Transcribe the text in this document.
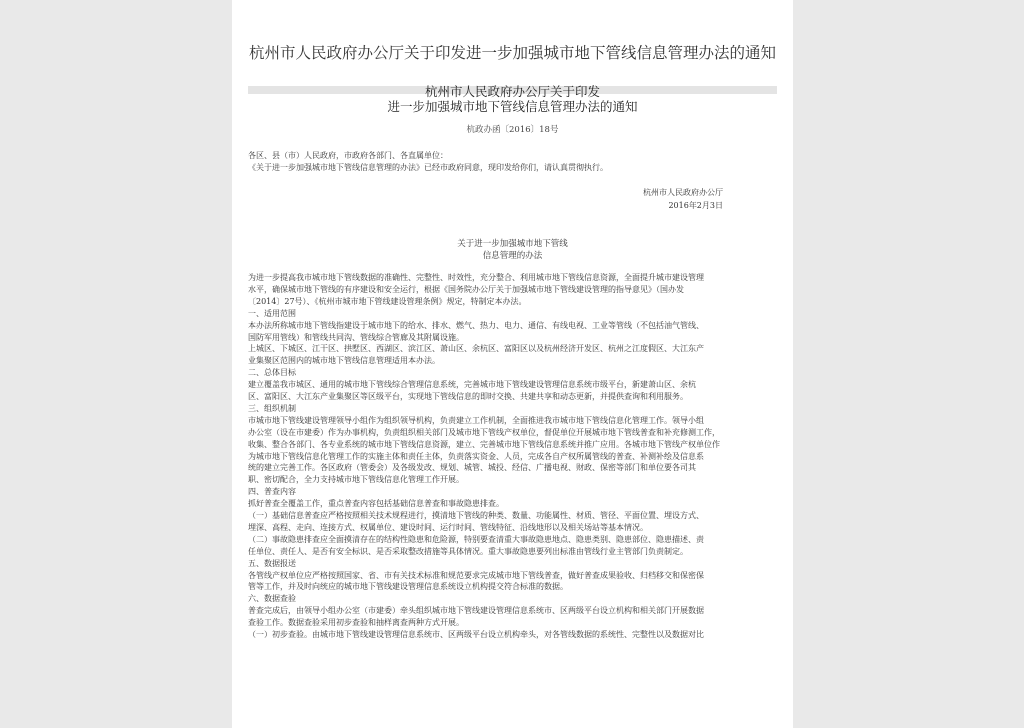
杭州市人民政府办公厅关于印发进一步加强城市地下管线信息管理办法的通知
杭州市人民政府办公厅关于印发
进一步加强城市地下管线信息管理办法的通知
杭政办函〔2016〕18号
各区、县（市）人民政府，市政府各部门、各直属单位：
《关于进一步加强城市地下管线信息管理的办法》已经市政府同意，现印发给你们，请认真贯彻执行。
杭州市人民政府办公厅
2016年2月3日
关于进一步加强城市地下管线
信息管理的办法
为进一步提高我市城市地下管线数据的准确性、完整性、时效性，充分整合、利用城市地下管线信息资源，全面提升城市建设管理
水平，确保城市地下管线的有序建设和安全运行，根据《国务院办公厅关于加强城市地下管线建设管理的指导意见》（国办发
〔2014〕27号）、《杭州市城市地下管线建设管理条例》规定，特制定本办法。
一、适用范围
本办法所称城市地下管线指建设于城市地下的给水、排水、燃气、热力、电力、通信、有线电视、工业等管线（不包括油气管线、
国防军用管线）和管线共同沟、管线综合管廊及其附属设施。
上城区、下城区、江干区、拱墅区、西湖区、滨江区、萧山区、余杭区、富阳区以及杭州经济开发区、杭州之江度假区、大江东产
业集聚区范围内的城市地下管线信息管理适用本办法。
二、总体目标
建立覆盖我市城区、通用的城市地下管线综合管理信息系统，完善城市地下管线建设管理信息系统市级平台，新建萧山区、余杭
区、富阳区、大江东产业集聚区等区级平台，实现地下管线信息的即时交换、共建共享和动态更新，并提供查询和利用服务。
三、组织机制
市城市地下管线建设管理领导小组作为组织领导机构，负责建立工作机制，全面推进我市城市地下管线信息化管理工作。领导小组
办公室（设在市建委）作为办事机构，负责组织相关部门及城市地下管线产权单位，督促单位开展城市地下管线普查和补充修测工作，
收集、整合各部门、各专业系统的城市地下管线信息资源，建立、完善城市地下管线信息系统并推广应用。各城市地下管线产权单位作
为城市地下管线信息化管理工作的实施主体和责任主体，负责落实资金、人员，完成各自产权所属管线的普查、补测补绘及信息系
统的建立完善工作。各区政府（管委会）及各级发改、规划、城管、城投、经信、广播电视、财政、保密等部门和单位要各司其
职、密切配合，全力支持城市地下管线信息化管理工作开展。
四、普查内容
抓好普查全覆盖工作，重点普查内容包括基础信息普查和事故隐患排查。
（一）基础信息普查应严格按照相关技术规程进行，摸清地下管线的种类、数量、功能属性、材质、管径、平面位置、埋设方式、
埋深、高程、走向、连接方式、权属单位、建设时间、运行时间、管线特征、沿线地形以及相关场站等基本情况。
（二）事故隐患排查应全面摸清存在的结构性隐患和危险源，特别要查清重大事故隐患地点、隐患类别、隐患部位、隐患描述、责
任单位、责任人、是否有安全标识、是否采取整改措施等具体情况。重大事故隐患要列出标准由管线行业主管部门负责制定。
五、数据报送
各管线产权单位应严格按照国家、省、市有关技术标准和规范要求完成城市地下管线普查，做好普查成果验收、归档移交和保密保
管等工作，并及时向统应的城市地下管线建设管理信息系统设立机构提交符合标准的数据。
六、数据查验
普查完成后，由领导小组办公室（市建委）牵头组织城市地下管线建设管理信息系统市、区两级平台设立机构和相关部门开展数据
查验工作。数据查验采用初步查验和抽样离查两种方式开展。
（一）初步查验。由城市地下管线建设管理信息系统市、区两级平台设立机构牵头，对各管线数据的系统性、完整性以及数据对比
